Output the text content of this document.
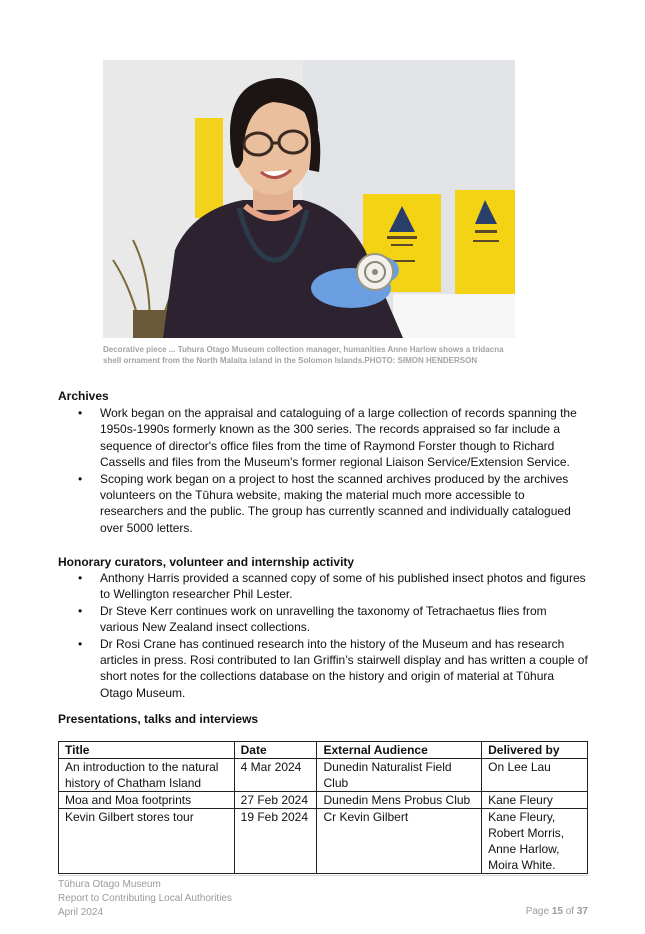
Decorative piece ... Tuhura Otago Museum collection manager, humanities Anne Harlow shows a tridacna shell ornament from the North Malaita island in the Solomon Islands.PHOTO: SIMON HENDERSON
Archives
• Work began on the appraisal and cataloguing of a large collection of records spanning the 1950s-1990s formerly known as the 300 series. The records appraised so far include a sequence of director's office files from the time of Raymond Forster though to Richard Cassells and files from the Museum's former regional Liaison Service/Extension Service.
• Scoping work began on a project to host the scanned archives produced by the archives volunteers on the Tūhura website, making the material much more accessible to researchers and the public. The group has currently scanned and individually catalogued over 5000 letters.
Honorary curators, volunteer and internship activity
• Anthony Harris provided a scanned copy of some of his published insect photos and figures to Wellington researcher Phil Lester.
• Dr Steve Kerr continues work on unravelling the taxonomy of Tetrachaetus flies from various New Zealand insect collections.
• Dr Rosi Crane has continued research into the history of the Museum and has research articles in press. Rosi contributed to Ian Griffin’s stairwell display and has written a couple of short notes for the collections database on the history and origin of material at Tūhura Otago Museum.
Presentations, talks and interviews
Title	Date	External Audience	Delivered by
An introduction to the natural history of Chatham Island	4 Mar 2024	Dunedin Naturalist Field Club	On Lee Lau
Moa and Moa footprints	27 Feb 2024	Dunedin Mens Probus Club	Kane Fleury
Kevin Gilbert stores tour	19 Feb 2024	Cr Kevin Gilbert	Kane Fleury, Robert Morris, Anne Harlow, Moira White.
Tūhura Otago Museum
Report to Contributing Local Authorities
April 2024	Page 15 of 37
